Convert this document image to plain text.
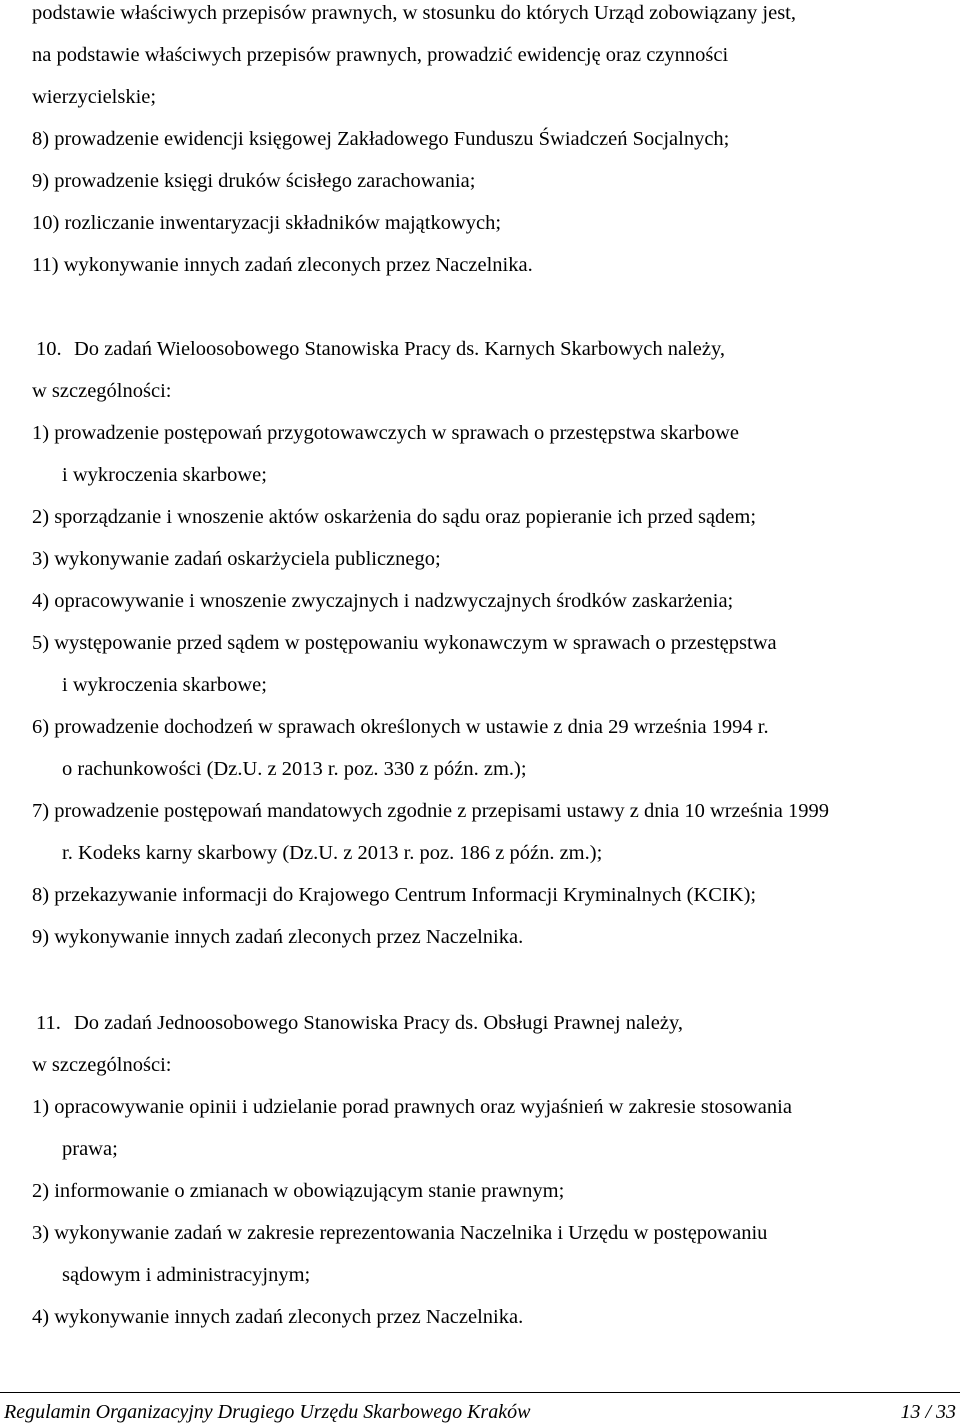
podstawie właściwych przepisów prawnych, w stosunku do których Urząd zobowiązany jest,
na podstawie właściwych przepisów prawnych, prowadzić ewidencję oraz czynności
wierzycielskie;
8) prowadzenie ewidencji księgowej Zakładowego Funduszu Świadczeń Socjalnych;
9) prowadzenie księgi druków ścisłego zarachowania;
10) rozliczanie inwentaryzacji składników majątkowych;
11) wykonywanie innych zadań zleconych przez Naczelnika.
10. Do zadań Wieloosobowego Stanowiska Pracy ds. Karnych Skarbowych należy,
w szczególności:
1) prowadzenie postępowań przygotowawczych w sprawach o przestępstwa skarbowe
i wykroczenia skarbowe;
2) sporządzanie i wnoszenie aktów oskarżenia do sądu oraz popieranie ich przed sądem;
3) wykonywanie zadań oskarżyciela publicznego;
4) opracowywanie i wnoszenie zwyczajnych i nadzwyczajnych środków zaskarżenia;
5) występowanie przed sądem w postępowaniu wykonawczym w sprawach o przestępstwa
i wykroczenia skarbowe;
6) prowadzenie dochodzeń w sprawach określonych w ustawie z dnia 29 września 1994 r.
o rachunkowości (Dz.U. z 2013 r. poz. 330 z późn. zm.);
7) prowadzenie postępowań mandatowych zgodnie z przepisami ustawy z dnia 10 września 1999
r. Kodeks karny skarbowy (Dz.U. z 2013 r. poz. 186 z późn. zm.);
8) przekazywanie informacji do Krajowego Centrum Informacji Kryminalnych (KCIK);
9) wykonywanie innych zadań zleconych przez Naczelnika.
11. Do zadań Jednoosobowego Stanowiska Pracy ds. Obsługi Prawnej należy,
w szczególności:
1) opracowywanie opinii i udzielanie porad prawnych oraz wyjaśnień w zakresie stosowania
prawa;
2) informowanie o zmianach w obowiązującym stanie prawnym;
3) wykonywanie zadań w zakresie reprezentowania Naczelnika i Urzędu w postępowaniu
sądowym i administracyjnym;
4) wykonywanie innych zadań zleconych przez Naczelnika.
Regulamin Organizacyjny Drugiego Urzędu Skarbowego Kraków	13 / 33
